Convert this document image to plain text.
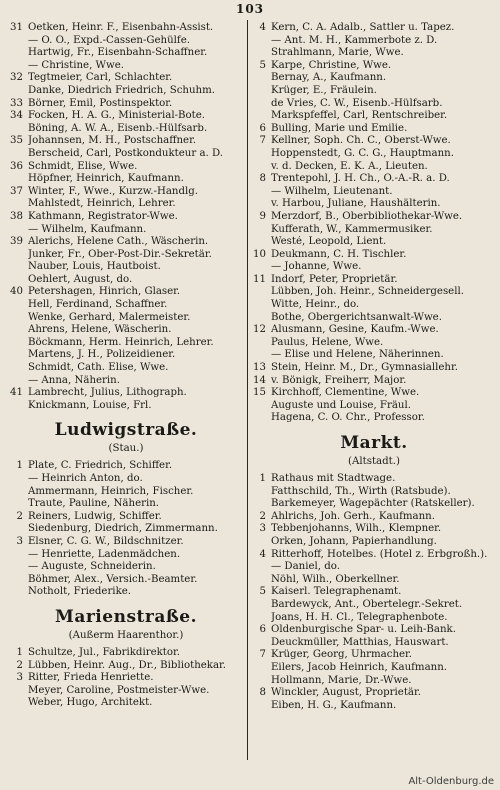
103
31 Oetken, Heinr. F., Eisenbahn-Assist.
— O. O., Expd.-Cassen-Gehülfe.
Hartwig, Fr., Eisenbahn-Schaffner.
— Christine, Wwe.
32 Tegtmeier, Carl, Schlachter.
Danke, Diedrich Friedrich, Schuhm.
33 Börner, Emil, Postinspektor.
34 Focken, H. A. G., Ministerial-Bote.
Böning, A. W. A., Eisenb.-Hülfsarb.
35 Johannsen, M. H., Postschaffner.
Berscheid, Carl, Postkondukteur a. D.
36 Schmidt, Elise, Wwe.
Höpfner, Heinrich, Kaufmann.
37 Winter, F., Wwe., Kurzw.-Handlg.
Mahlstedt, Heinrich, Lehrer.
38 Kathmann, Registrator-Wwe.
— Wilhelm, Kaufmann.
39 Alerichs, Helene Cath., Wäscherin.
Junker, Fr., Ober-Post-Dir.-Sekretär.
Nauber, Louis, Hautboist.
Oehlert, August, do.
40 Petershagen, Hinrich, Glaser.
Hell, Ferdinand, Schaffner.
Wenke, Gerhard, Malermeister.
Ahrens, Helene, Wäscherin.
Böckmann, Herm. Heinrich, Lehrer.
Martens, J. H., Polizeidiener.
Schmidt, Cath. Elise, Wwe.
— Anna, Näherin.
41 Lambrecht, Julius, Lithograph.
Knickmann, Louise, Frl.
Ludwigstraße.
(Stau.)
1 Plate, C. Friedrich, Schiffer.
— Heinrich Anton, do.
Ammermann, Heinrich, Fischer.
Traute, Pauline, Näherin.
2 Reiners, Ludwig, Schiffer.
Siedenburg, Diedrich, Zimmermann.
3 Elsner, C. G. W., Bildschnitzer.
— Henriette, Ladenmädchen.
— Auguste, Schneiderin.
Böhmer, Alex., Versich.-Beamter.
Notholt, Friederike.
Marienstraße.
(Außerm Haarenthor.)
1 Schultze, Jul., Fabrikdirektor.
2 Lübben, Heinr. Aug., Dr., Bibliothekar.
3 Ritter, Frieda Henriette.
Meyer, Caroline, Postmeister-Wwe.
Weber, Hugo, Architekt.
4 Kern, C. A. Adalb., Sattler u. Tapez.
— Ant. M. H., Kammerbote z. D.
Strahlmann, Marie, Wwe.
5 Karpe, Christine, Wwe.
Bernay, A., Kaufmann.
Krüger, E., Fräulein.
de Vries, C. W., Eisenb.-Hülfsarb.
Markspfeffel, Carl, Rentschreiber.
6 Bulling, Marie und Emilie.
7 Kellner, Soph. Ch. C., Oberst-Wwe.
Hoppenstedt, G. C. G., Hauptmann.
v. d. Decken, E. K. A., Lieuten.
8 Trentepohl, J. H. Ch., O.-A.-R. a. D.
— Wilhelm, Lieutenant.
v. Harbou, Juliane, Haushälterin.
9 Merzdorf, B., Oberbibliothekar-Wwe.
Kufferath, W., Kammermusiker.
Westé, Leopold, Lient.
10 Deukmann, C. H. Tischler.
— Johanne, Wwe.
11 Indorf, Peter, Proprietär.
Lübben, Joh. Heinr., Schneidergesell.
Witte, Heinr., do.
Bothe, Obergerichtsanwalt-Wwe.
12 Alusmann, Gesine, Kaufm.-Wwe.
Paulus, Helene, Wwe.
— Elise und Helene, Näherinnen.
13 Stein, Heinr. M., Dr., Gymnasiallehr.
14 v. Bönigk, Freiherr, Major.
15 Kirchhoff, Clementine, Wwe.
Auguste und Louise, Fräul.
Hagena, C. O. Chr., Professor.
Markt.
(Altstadt.)
1 Rathaus mit Stadtwage.
Fatthschild, Th., Wirth (Ratsbude).
Barkemeyer, Wagepächter (Ratskeller).
2 Ahlrichs, Joh. Gerh., Kaufmann.
3 Tebbenjohanns, Wilh., Klempner.
Orken, Johann, Papierhandlung.
4 Ritterhoff, Hotelbes. (Hotel z. Erbgroßh.).
— Daniel, do.
Nöhl, Wilh., Oberkellner.
5 Kaiserl. Telegraphenamt.
Bardewyck, Ant., Obertelegr.-Sekret.
Joans, H. H. Cl., Telegraphenbote.
6 Oldenburgische Spar- u. Leih-Bank.
Deuckmüller, Matthias, Hauswart.
7 Krüger, Georg, Uhrmacher.
Eilers, Jacob Heinrich, Kaufmann.
Hollmann, Marie, Dr.-Wwe.
8 Winckler, August, Proprietär.
Eiben, H. G., Kaufmann.
Alt-Oldenburg.de
